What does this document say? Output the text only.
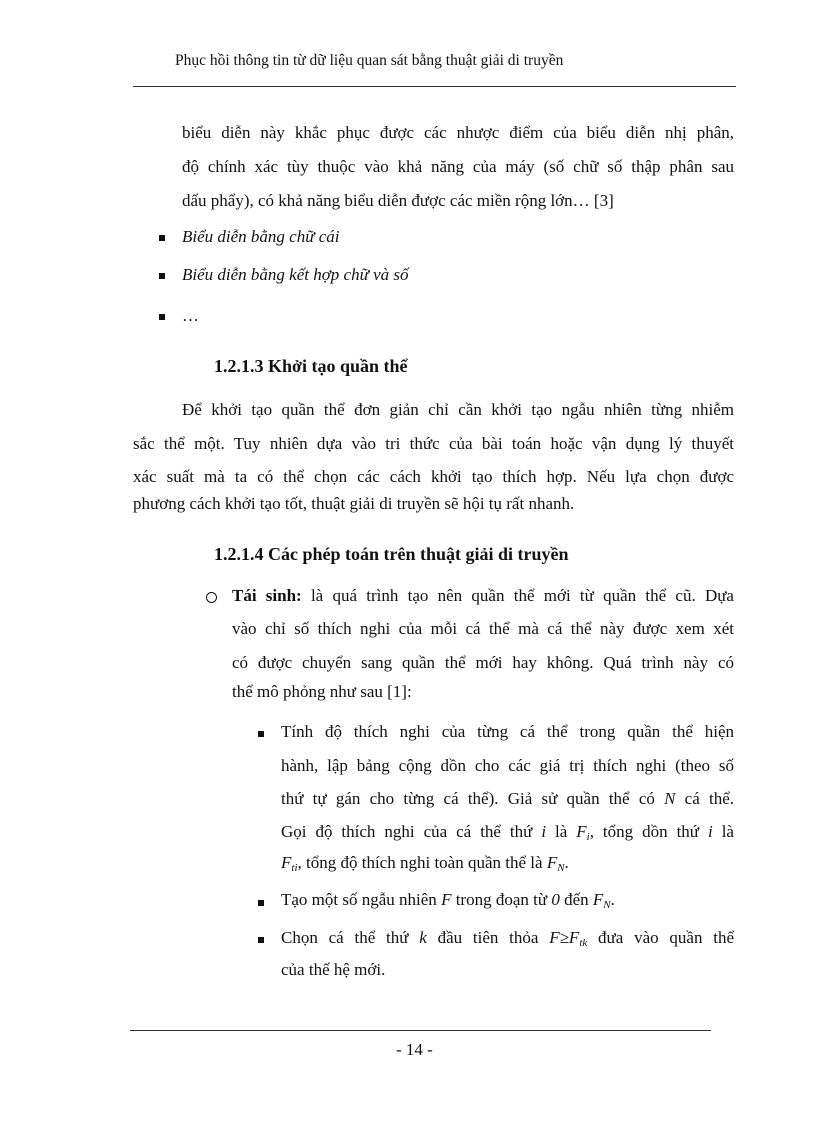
Phục hồi thông tin từ dữ liệu quan sát bằng thuật giải di truyền
biểu diễn này khắc phục được các nhược điểm của biểu diễn nhị phân,
độ chính xác tùy thuộc vào khả năng của máy (số chữ số thập phân sau
dấu phẩy), có khả năng biểu diễn được các miền rộng lớn… [3]
Biểu diễn bằng chữ cái
Biểu diễn bằng kết hợp chữ và số
…
1.2.1.3 Khởi tạo quần thể
Để khởi tạo quần thể đơn giản chỉ cần khởi tạo ngẫu nhiên từng nhiễm
sắc thể một. Tuy nhiên dựa vào tri thức của bài toán hoặc vận dụng lý thuyết
xác suất mà ta có thể chọn các cách khởi tạo thích hợp. Nếu lựa chọn được
phương cách khởi tạo tốt, thuật giải di truyền sẽ hội tụ rất nhanh.
1.2.1.4 Các phép toán trên thuật giải di truyền
Tái sinh: là quá trình tạo nên quần thể mới từ quần thể cũ. Dựa
vào chỉ số thích nghi của mỗi cá thể mà cá thể này được xem xét
có được chuyển sang quần thể mới hay không. Quá trình này có
thể mô phỏng như sau [1]:
Tính độ thích nghi của từng cá thể trong quần thể hiện
hành, lập bảng cộng dồn cho các giá trị thích nghi (theo số
thứ tự gán cho từng cá thể). Giả sử quần thể có N cá thể.
Gọi độ thích nghi của cá thể thứ i là $F_i$, tổng dồn thứ i là
$F_{ti}$, tổng độ thích nghi toàn quần thể là $F_N$.
Tạo một số ngẫu nhiên F trong đoạn từ 0 đến $F_N$.
Chọn cá thể thứ k đầu tiên thỏa $F\ge F_{tk}$ đưa vào quần thể
của thế hệ mới.
- 14 -
